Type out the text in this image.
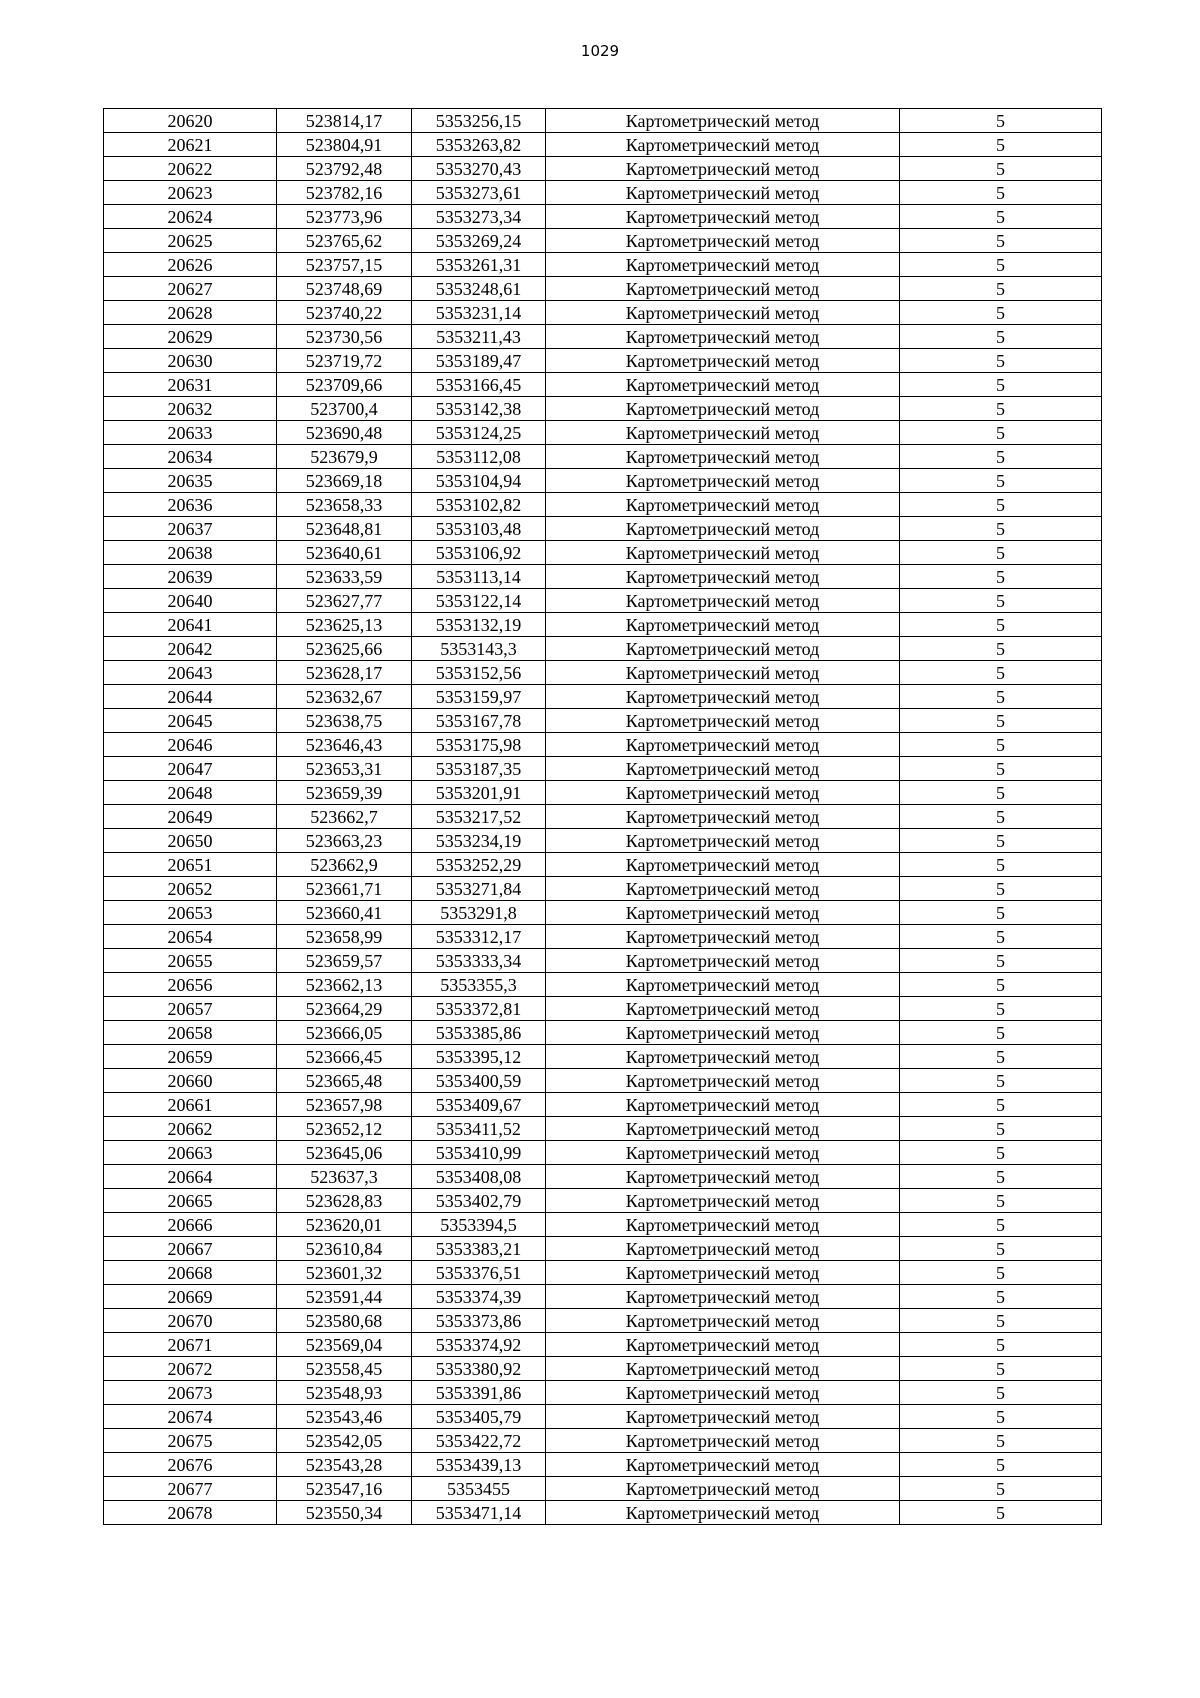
1029
20620	523814,17	5353256,15	Картометрический метод	5
20621	523804,91	5353263,82	Картометрический метод	5
20622	523792,48	5353270,43	Картометрический метод	5
20623	523782,16	5353273,61	Картометрический метод	5
20624	523773,96	5353273,34	Картометрический метод	5
20625	523765,62	5353269,24	Картометрический метод	5
20626	523757,15	5353261,31	Картометрический метод	5
20627	523748,69	5353248,61	Картометрический метод	5
20628	523740,22	5353231,14	Картометрический метод	5
20629	523730,56	5353211,43	Картометрический метод	5
20630	523719,72	5353189,47	Картометрический метод	5
20631	523709,66	5353166,45	Картометрический метод	5
20632	523700,4	5353142,38	Картометрический метод	5
20633	523690,48	5353124,25	Картометрический метод	5
20634	523679,9	5353112,08	Картометрический метод	5
20635	523669,18	5353104,94	Картометрический метод	5
20636	523658,33	5353102,82	Картометрический метод	5
20637	523648,81	5353103,48	Картометрический метод	5
20638	523640,61	5353106,92	Картометрический метод	5
20639	523633,59	5353113,14	Картометрический метод	5
20640	523627,77	5353122,14	Картометрический метод	5
20641	523625,13	5353132,19	Картометрический метод	5
20642	523625,66	5353143,3	Картометрический метод	5
20643	523628,17	5353152,56	Картометрический метод	5
20644	523632,67	5353159,97	Картометрический метод	5
20645	523638,75	5353167,78	Картометрический метод	5
20646	523646,43	5353175,98	Картометрический метод	5
20647	523653,31	5353187,35	Картометрический метод	5
20648	523659,39	5353201,91	Картометрический метод	5
20649	523662,7	5353217,52	Картометрический метод	5
20650	523663,23	5353234,19	Картометрический метод	5
20651	523662,9	5353252,29	Картометрический метод	5
20652	523661,71	5353271,84	Картометрический метод	5
20653	523660,41	5353291,8	Картометрический метод	5
20654	523658,99	5353312,17	Картометрический метод	5
20655	523659,57	5353333,34	Картометрический метод	5
20656	523662,13	5353355,3	Картометрический метод	5
20657	523664,29	5353372,81	Картометрический метод	5
20658	523666,05	5353385,86	Картометрический метод	5
20659	523666,45	5353395,12	Картометрический метод	5
20660	523665,48	5353400,59	Картометрический метод	5
20661	523657,98	5353409,67	Картометрический метод	5
20662	523652,12	5353411,52	Картометрический метод	5
20663	523645,06	5353410,99	Картометрический метод	5
20664	523637,3	5353408,08	Картометрический метод	5
20665	523628,83	5353402,79	Картометрический метод	5
20666	523620,01	5353394,5	Картометрический метод	5
20667	523610,84	5353383,21	Картометрический метод	5
20668	523601,32	5353376,51	Картометрический метод	5
20669	523591,44	5353374,39	Картометрический метод	5
20670	523580,68	5353373,86	Картометрический метод	5
20671	523569,04	5353374,92	Картометрический метод	5
20672	523558,45	5353380,92	Картометрический метод	5
20673	523548,93	5353391,86	Картометрический метод	5
20674	523543,46	5353405,79	Картометрический метод	5
20675	523542,05	5353422,72	Картометрический метод	5
20676	523543,28	5353439,13	Картометрический метод	5
20677	523547,16	5353455	Картометрический метод	5
20678	523550,34	5353471,14	Картометрический метод	5
